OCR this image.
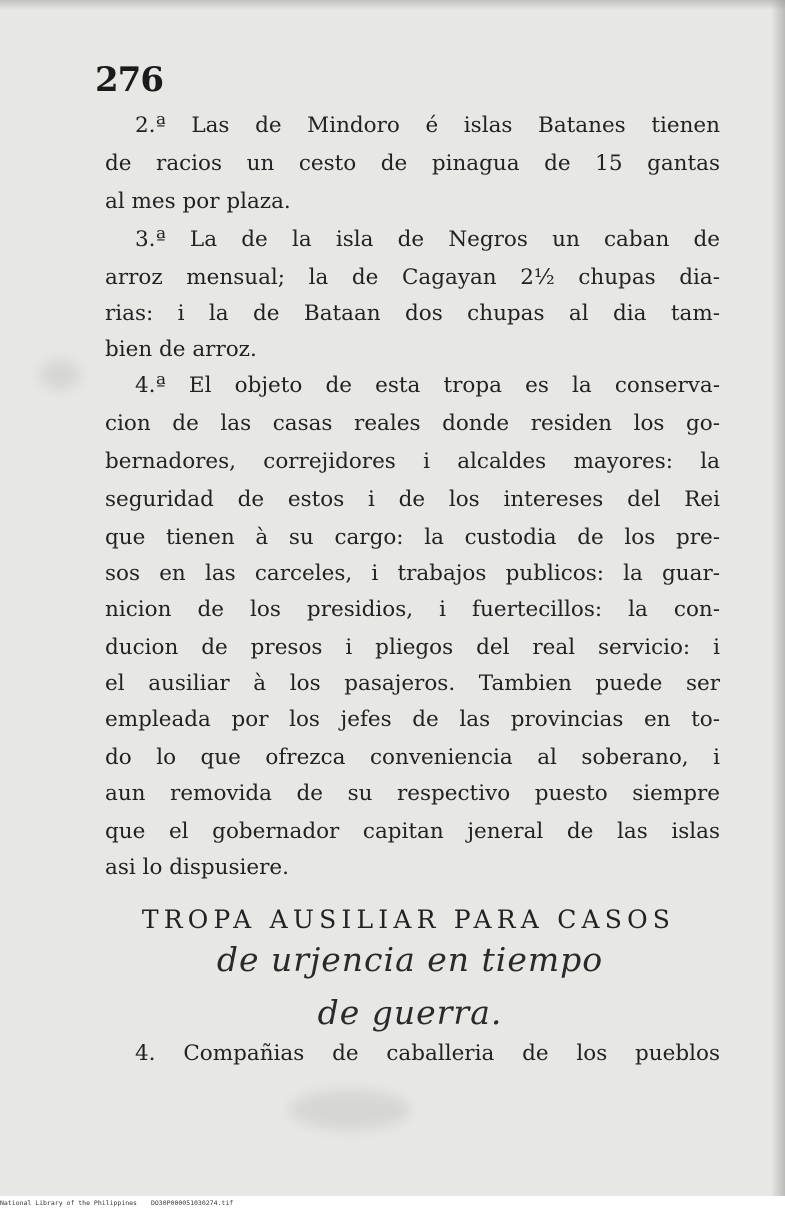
276
2.ª Las de Mindoro é islas Batanes tienen
de racios un cesto de pinagua de 15 gantas
al mes por plaza.
3.ª La de la isla de Negros un caban de
arroz mensual; la de Cagayan 2½ chupas dia-
rias: i la de Bataan dos chupas al dia tam-
bien de arroz.
4.ª El objeto de esta tropa es la conserva-
cion de las casas reales donde residen los go-
bernadores, correjidores i alcaldes mayores: la
seguridad de estos i de los intereses del Rei
que tienen à su cargo: la custodia de los pre-
sos en las carceles, i trabajos publicos: la guar-
nicion de los presidios, i fuertecillos: la con-
ducion de presos i pliegos del real servicio: i
el ausiliar à los pasajeros. Tambien puede ser
empleada por los jefes de las provincias en to-
do lo que ofrezca conveniencia al soberano, i
aun removida de su respectivo puesto siempre
que el gobernador capitan jeneral de las islas
asi lo dispusiere.
TROPA AUSILIAR PARA CASOS
de urjencia en tiempo
de guerra.
4. Compañias de caballeria de los pueblos
National Library of the Philippines DO30P000051030274.tif
